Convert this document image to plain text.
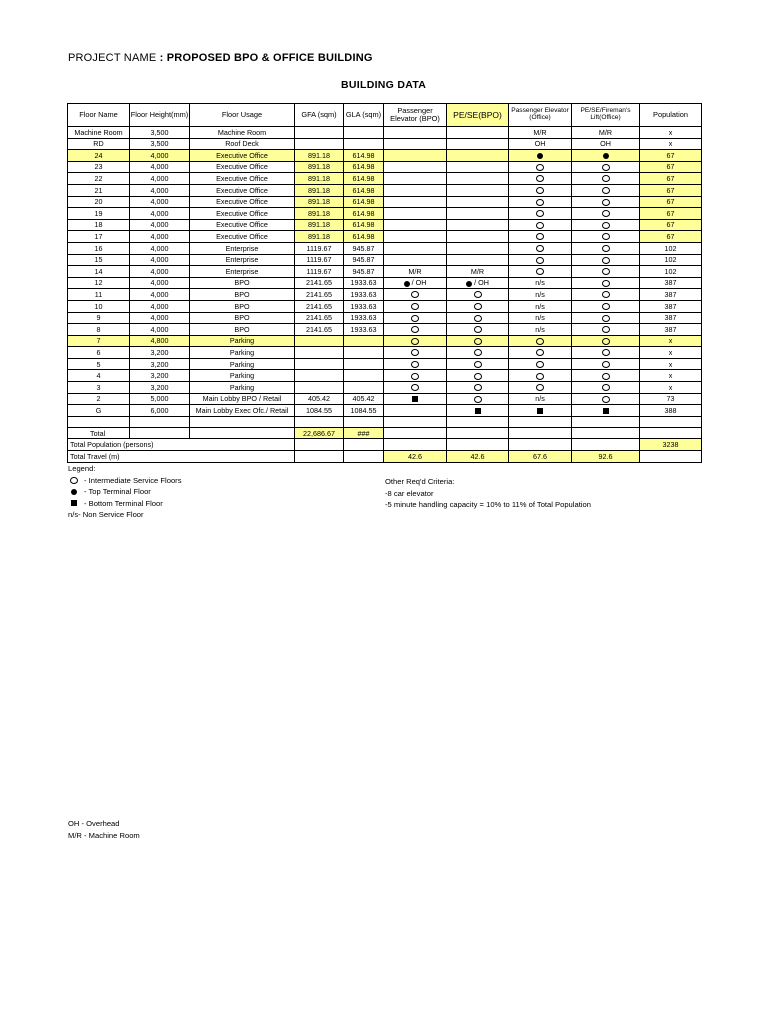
PROJECT NAME : PROPOSED BPO & OFFICE BUILDING
BUILDING DATA
Floor Name	Floor Height(mm)	Floor Usage	GFA (sqm)	GLA (sqm)	Passenger Elevator (BPO)	PE/SE(BPO)	Passenger Elevator (Office)	PE/SE/Fireman's Lift(Office)	Population
Machine Room	3,500	Machine Room					M/R	M/R	x
RD	3,500	Roof Deck					OH	OH	x
24	4,000	Executive Office	891.18	614.98					67
23	4,000	Executive Office	891.18	614.98					67
22	4,000	Executive Office	891.18	614.98					67
21	4,000	Executive Office	891.18	614.98					67
20	4,000	Executive Office	891.18	614.98					67
19	4,000	Executive Office	891.18	614.98					67
18	4,000	Executive Office	891.18	614.98					67
17	4,000	Executive Office	891.18	614.98					67
16	4,000	Enterprise	1119.67	945.87					102
15	4,000	Enterprise	1119.67	945.87					102
14	4,000	Enterprise	1119.67	945.87	M/R	M/R			102
12	4,000	BPO	2141.65	1933.63	/ OH	/ OH	n/s		387
11	4,000	BPO	2141.65	1933.63			n/s		387
10	4,000	BPO	2141.65	1933.63			n/s		387
9	4,000	BPO	2141.65	1933.63			n/s		387
8	4,000	BPO	2141.65	1933.63			n/s		387
7	4,800	Parking							x
6	3,200	Parking							x
5	3,200	Parking							x
4	3,200	Parking							x
3	3,200	Parking							x
2	5,000	Main Lobby BPO / Retail	405.42	405.42			n/s		73
G	6,000	Main Lobby Exec Ofc./ Retail	1084.55	1084.55					388

Total			22,686.67	###					
Total Population (persons)									3238
Total Travel (m)					42.6	42.6	67.6	92.6	
Legend:
- Intermediate Service Floors
- Top Terminal Floor
- Bottom Terminal Floor
n/s- Non Service Floor
Other Req'd Criteria:
-8 car elevator
-5 minute handling capacity = 10% to 11% of Total Population
OH - Overhead
M/R - Machine Room
